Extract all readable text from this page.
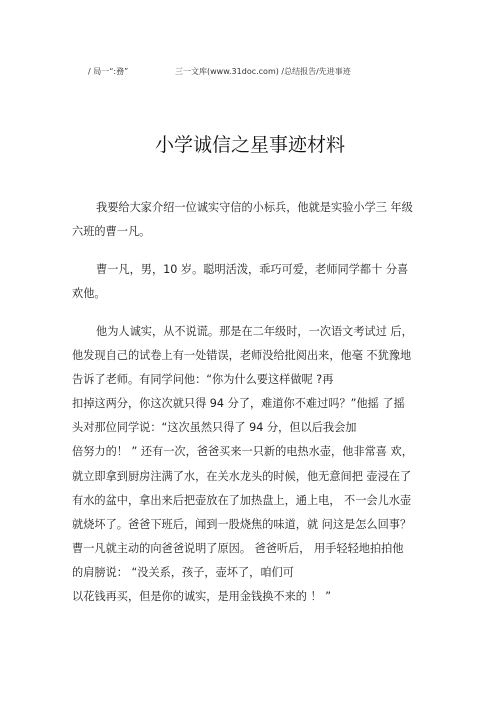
/ 局一“:務”	三一文库(www.31doc.com) /总结报告/先进事迹
小学诚信之星事迹材料
我要给大家介绍一位诚实守信的小标兵，他就是实验小学三 年级
六班的曹一凡。
曹一凡，男，10 岁。聪明活泼，乖巧可爱，老师同学都十 分喜
欢他。
他为人诚实，从不说谎。那是在二年级时，一次语文考试过 后，
他发现自己的试卷上有一处错误，老师没给批阅出来，他毫 不犹豫地
告诉了老师。有同学问他：“你为什么要这样做呢 ?再
扣掉这两分，你这次就只得 94 分了，难道你不难过吗？”他摇 了摇
头对那位同学说：“这次虽然只得了 94 分，但以后我会加
倍努力的！ ” 还有一次，爸爸买来一只新的电热水壶，他非常喜 欢，
就立即拿到厨房注满了水，在关水龙头的时候，他无意间把 壶浸在了
有水的盆中，拿出来后把壶放在了加热盘上，通上电， 不一会儿水壶
就烧坏了。爸爸下班后，闻到一股烧焦的味道，就 问这是怎么回事？
曹一凡就主动的向爸爸说明了原因。 爸爸听后， 用手轻轻地拍拍他
的肩膀说： “没关系，孩子，壶坏了，咱们可
以花钱再买，但是你的诚实，是用金钱换不来的 ！ ”
